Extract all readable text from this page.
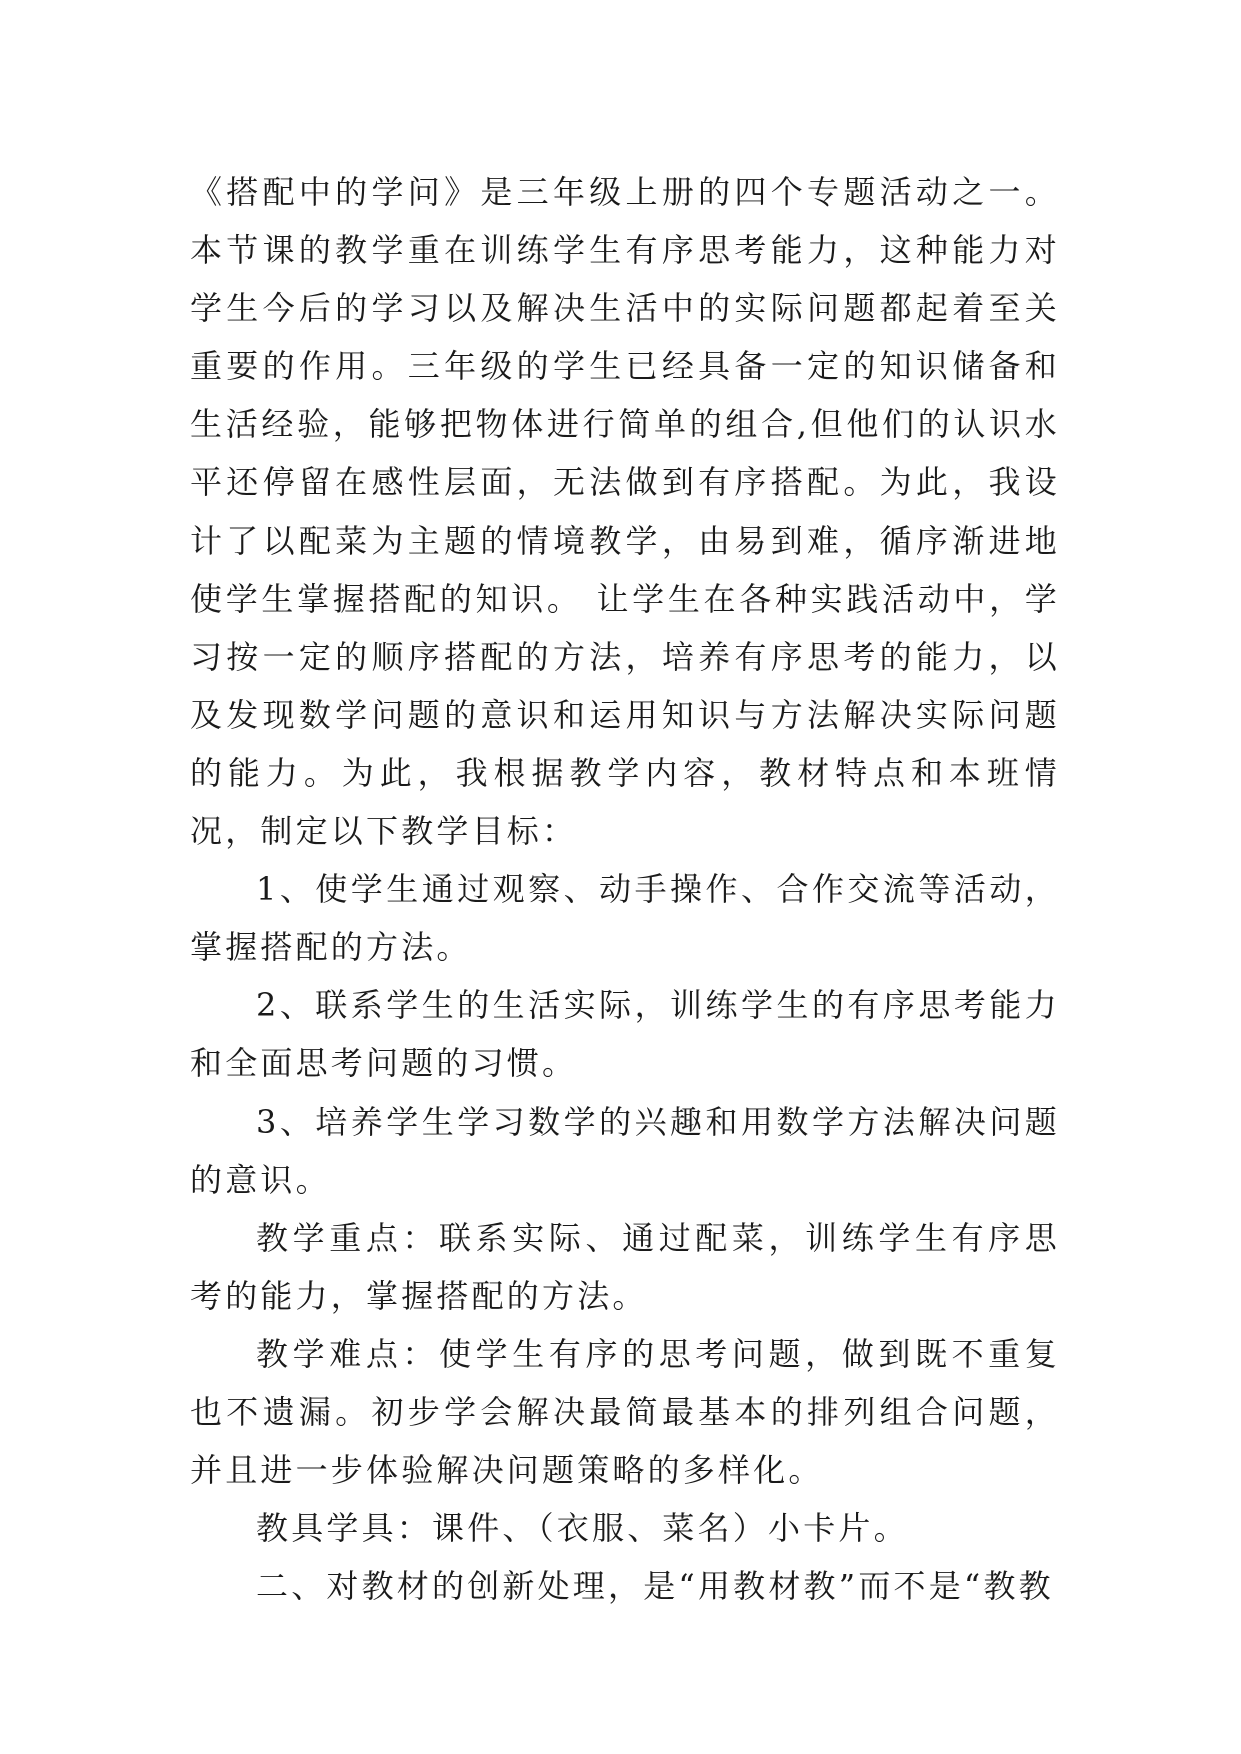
《搭配中的学问》是三年级上册的四个专题活动之一。本节课的教学重在训练学生有序思考能力，这种能力对学生今后的学习以及解决生活中的实际问题都起着至关重要的作用。三年级的学生已经具备一定的知识储备和生活经验，能够把物体进行简单的组合,但他们的认识水平还停留在感性层面，无法做到有序搭配。为此，我设计了以配菜为主题的情境教学，由易到难，循序渐进地使学生掌握搭配的知识。 让学生在各种实践活动中，学习按一定的顺序搭配的方法，培养有序思考的能力，以及发现数学问题的意识和运用知识与方法解决实际问题的能力。为此，我根据教学内容，教材特点和本班情况，制定以下教学目标：

1、使学生通过观察、动手操作、合作交流等活动，掌握搭配的方法。

2、联系学生的生活实际，训练学生的有序思考能力和全面思考问题的习惯。

3、培养学生学习数学的兴趣和用数学方法解决问题的意识。

教学重点：联系实际、通过配菜，训练学生有序思考的能力，掌握搭配的方法。

教学难点：使学生有序的思考问题，做到既不重复也不遗漏。初步学会解决最简最基本的排列组合问题，并且进一步体验解决问题策略的多样化。

教具学具：课件、（衣服、菜名）小卡片。

二、对教材的创新处理，是“用教材教”而不是“教教
